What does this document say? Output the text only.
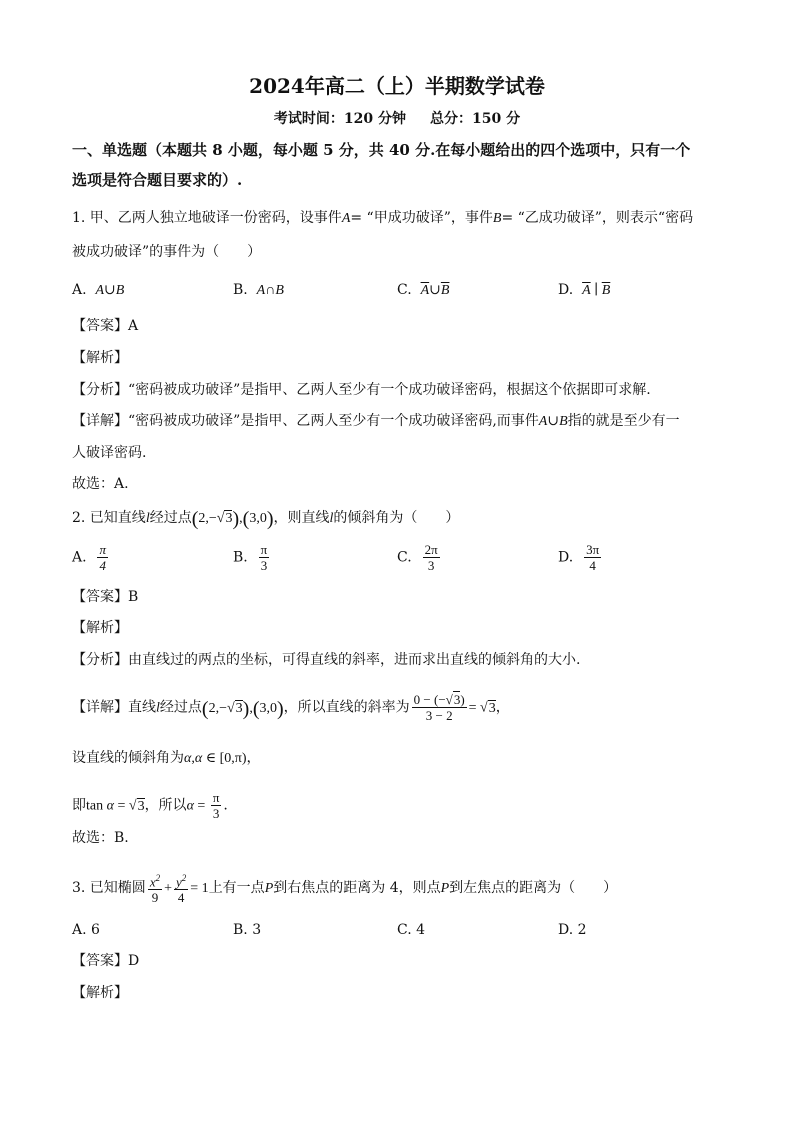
2024年高二（上）半期数学试卷
考试时间：120 分钟 总分：150 分
一、单选题（本题共 8 小题，每小题 5 分，共 40 分.在每小题给出的四个选项中，只有一个
选项是符合题目要求的）.
1. 甲、乙两人独立地破译一份密码，设事件A= “甲成功破译”，事件B= “乙成功破译”，则表示“密码
被成功破译”的事件为（　　）
A. A∪B	B. A∩B	C. $\overline{A}\cup\overline{B}$	D. $\overline{A}$ ∣ $\overline{B}$
【答案】A
【解析】
【分析】“密码被成功破译”是指甲、乙两人至少有一个成功破译密码，根据这个依据即可求解.
【详解】“密码被成功破译”是指甲、乙两人至少有一个成功破译密码,而事件A∪B指的就是至少有一
人破译密码.
故选：A.
2. 已知直线l经过点(2,−√3),(3,0)，则直线l的倾斜角为（　　）
A. $\frac{\pi}{4}$	B. $\frac{\pi}{3}$	C. $\frac{2\pi}{3}$	D. $\frac{3\pi}{4}$
【答案】B
【解析】
【分析】由直线过的两点的坐标，可得直线的斜率，进而求出直线的倾斜角的大小.
【详解】直线l经过点(2,−√3),(3,0)，所以直线的斜率为 $\frac{0 - (-√3)}{3 - 2} = √3$，
设直线的倾斜角为α,α ∈ [0,π)，
即tan α = √3，所以$\alpha = \frac{\pi}{3}$ .
故选：B.
3. 已知椭圆 $\frac{x^2}{9} + \frac{y^2}{4} = 1$上有一点P到右焦点的距离为 4，则点P到左焦点的距离为（　　）
A. 6	B. 3	C. 4	D. 2
【答案】D
【解析】
